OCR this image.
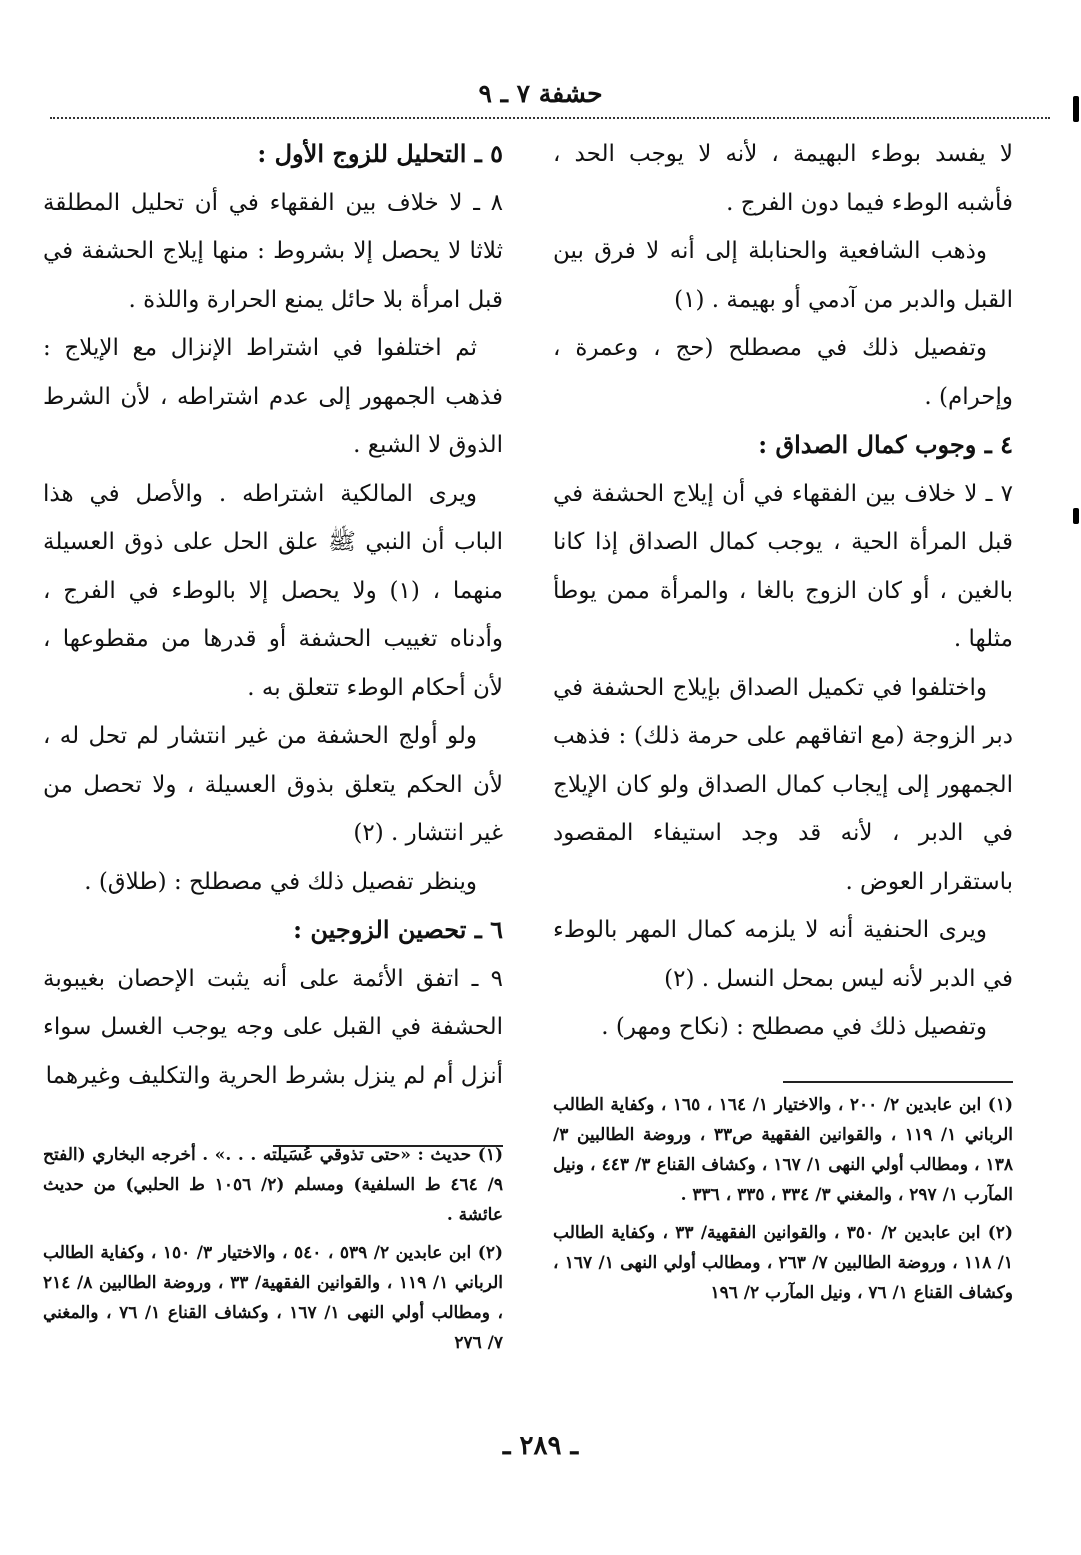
حشفة ٧ ـ ٩

لا يفسد بوطء البهيمة ، لأنه لا يوجب الحد ، فأشبه الوطء فيما دون الفرج .

وذهب الشافعية والحنابلة إلى أنه لا فرق بين القبل والدبر من آدمي أو بهيمة . (١)

وتفصيل ذلك في مصطلح (حج ، وعمرة ، وإحرام) .

٤ ـ وجوب كمال الصداق :

٧ ـ لا خلاف بين الفقهاء في أن إيلاج الحشفة في قبل المرأة الحية ، يوجب كمال الصداق إذا كانا بالغين ، أو كان الزوج بالغا ، والمرأة ممن يوطأ مثلها .

واختلفوا في تكميل الصداق بإيلاج الحشفة في دبر الزوجة (مع اتفاقهم على حرمة ذلك) : فذهب الجمهور إلى إيجاب كمال الصداق ولو كان الإيلاج في الدبر ، لأنه قد وجد استيفاء المقصود باستقرار العوض .

ويرى الحنفية أنه لا يلزمه كمال المهر بالوطء في الدبر لأنه ليس بمحل النسل . (٢)

وتفصيل ذلك في مصطلح : (نكاح ومهر) .

(١) ابن عابدين ٢/ ٢٠٠ ، والاختيار ١/ ١٦٤ ، ١٦٥ ، وكفاية الطالب الرباني ١/ ١١٩ ، والقوانين الفقهية ص٣٣ ، وروضة الطالبين ٣/ ١٣٨ ، ومطالب أولي النهى ١/ ١٦٧ ، وكشاف القناع ٣/ ٤٤٣ ، ونيل المآرب ١/ ٢٩٧ ، والمغني ٣/ ٣٣٤ ، ٣٣٥ ، ٣٣٦ .

(٢) ابن عابدين ٢/ ٣٥٠ ، والقوانين الفقهية/ ٣٣ ، وكفاية الطالب ١/ ١١٨ ، وروضة الطالبين ٧/ ٢٦٣ ، ومطالب أولي النهى ١/ ١٦٧ ، وكشاف القناع ١/ ٧٦ ، ونيل المآرب ٢/ ١٩٦

٥ ـ التحليل للزوج الأول :

٨ ـ لا خلاف بين الفقهاء في أن تحليل المطلقة ثلاثا لا يحصل إلا بشروط : منها إيلاج الحشفة في قبل امرأة بلا حائل يمنع الحرارة واللذة .

ثم اختلفوا في اشتراط الإنزال مع الإيلاج : فذهب الجمهور إلى عدم اشتراطه ، لأن الشرط الذوق لا الشبع .

ويرى المالكية اشتراطه . والأصل في هذا الباب أن النبي ﷺ علق الحل على ذوق العسيلة منهما ، (١) ولا يحصل إلا بالوطء في الفرج ، وأدناه تغييب الحشفة أو قدرها من مقطوعها ، لأن أحكام الوطء تتعلق به .

ولو أولج الحشفة من غير انتشار لم تحل له ، لأن الحكم يتعلق بذوق العسيلة ، ولا تحصل من غير انتشار . (٢)

وينظر تفصيل ذلك في مصطلح : (طلاق) .

٦ ـ تحصين الزوجين :

٩ ـ اتفق الأئمة على أنه يثبت الإحصان بغيبوبة الحشفة في القبل على وجه يوجب الغسل سواء أنزل أم لم ينزل بشرط الحرية والتكليف وغيرهما

(١) حديث : «حتى تذوقي عُسَيلته . . .» . أخرجه البخاري (الفتح ٩/ ٤٦٤ ط السلفية) ومسلم (٢/ ١٠٥٦ ط الحلبي) من حديث عائشة .

(٢) ابن عابدين ٢/ ٥٣٩ ، ٥٤٠ ، والاختيار ٣/ ١٥٠ ، وكفاية الطالب الرباني ١/ ١١٩ ، والقوانين الفقهية/ ٣٣ ، وروضة الطالبين ٨/ ٢١٤ ، ومطالب أولي النهى ١/ ١٦٧ ، وكشاف القناع ١/ ٧٦ ، والمغني ٧/ ٢٧٦

ـ ٢٨٩ ـ
